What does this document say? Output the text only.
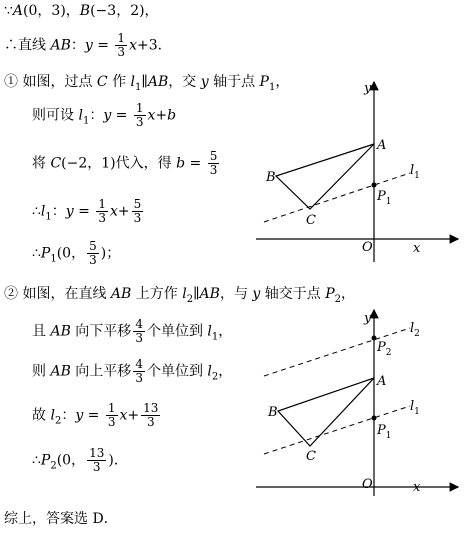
∵A(0，3)，B(−3，2)，
∴直线 AB：$y = \frac{1}{3} x+3$．
① 如图，过点 C 作 $l_1\parallel AB$，交 y 轴于点 $P_1$，
则可设 $l_1$：$y = \frac{1}{3} x+b$
将 C(−2，1)代入，得 $b = \frac{5}{3}$
$\therefore l_1$：$y = \frac{1}{3} x+ \frac{5}{3}$
$\therefore P_1(0$， $\frac{5}{3}$ )；
② 如图，在直线 AB 上方作 $l_2\parallel AB$，与 y 轴交于点 $P_2$，
且 AB 向下平移 $\frac{4}{3}$ 个单位到 $l_1$，
则 AB 向上平移 $\frac{4}{3}$ 个单位到 $l_2$，
故 $l_2$：$y = \frac{1}{3} x+ \frac{13}{3}$
$\therefore P_2(0$， $\frac{13}{3}$ )．
综上，答案选 D．
y
x
A
B
C
O
$P_1$
$l_1$
y
x
A
B
C
O
$P_1$
$P_2$
$l_2$
$l_1$
